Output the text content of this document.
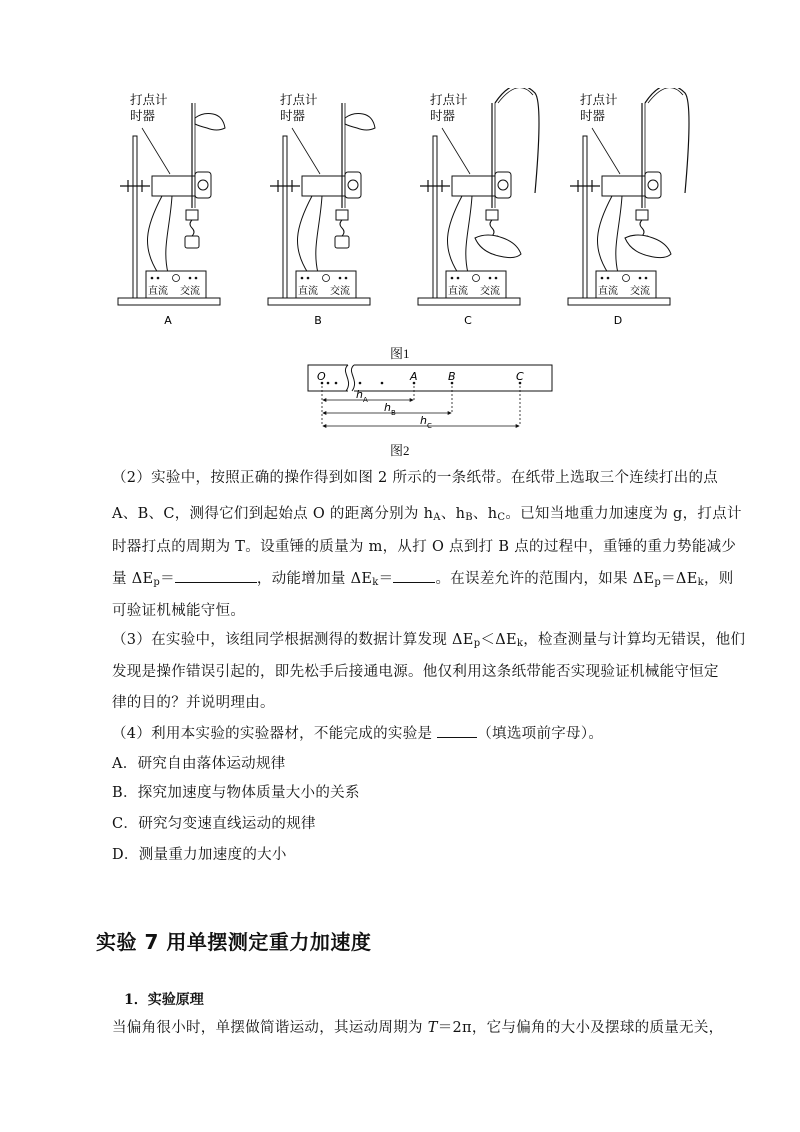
打点计
时器
直流 交流
A
打点计
时器
直流 交流
B
打点计
时器
直流 交流
C
打点计
时器
直流 交流
D
图1
O	A	B	C
h A
h B
h C
图2
（2）实验中，按照正确的操作得到如图 2 所示的一条纸带。在纸带上选取三个连续打出的点
A、B、C，测得它们到起始点 O 的距离分别为 $h_A$、$h_B$、$h_C$。已知当地重力加速度为 g，打点计
时器打点的周期为 T。设重锤的质量为 m，从打 O 点到打 B 点的过程中，重锤的重力势能减少
量 $\Delta E_p=$	，动能增加量 $\Delta E_k=$	。在误差允许的范围内，如果 $\Delta E_p=\Delta E_k$，则
可验证机械能守恒。
（3）在实验中，该组同学根据测得的数据计算发现 $\Delta E_p<\Delta E_k$，检查测量与计算均无错误，他们
发现是操作错误引起的，即先松手后接通电源。他仅利用这条纸带能否实现验证机械能守恒定
律的目的？并说明理由。
（4）利用本实验的实验器材，不能完成的实验是	（填选项前字母）。
A．研究自由落体运动规律
B．探究加速度与物体质量大小的关系
C．研究匀变速直线运动的规律
D．测量重力加速度的大小
实验 7 用单摆测定重力加速度
1．实验原理
当偏角很小时，单摆做简谐运动，其运动周期为 T＝2π，它与偏角的大小及摆球的质量无关，
